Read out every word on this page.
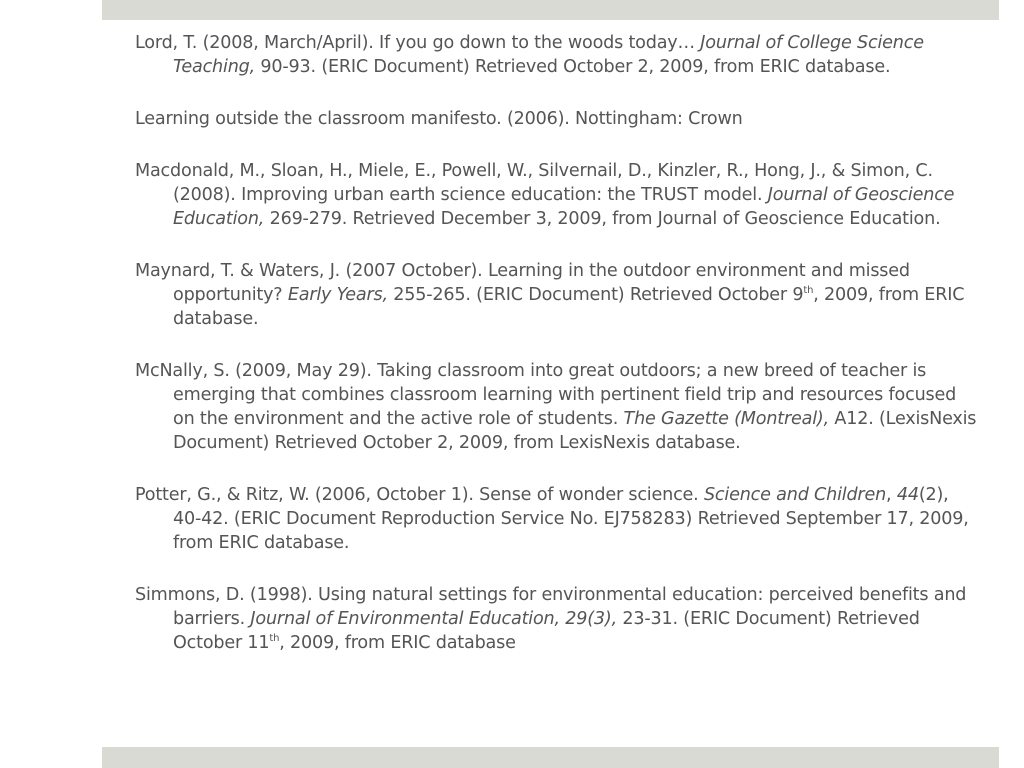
Lord, T. (2008, March/April). If you go down to the woods today… Journal of College Science Teaching, 90-93. (ERIC Document) Retrieved October 2, 2009, from ERIC database.

Learning outside the classroom manifesto. (2006). Nottingham: Crown

Macdonald, M., Sloan, H., Miele, E., Powell, W., Silvernail, D., Kinzler, R., Hong, J., & Simon, C. (2008). Improving urban earth science education: the TRUST model. Journal of Geoscience Education, 269-279. Retrieved December 3, 2009, from Journal of Geoscience Education.

Maynard, T. & Waters, J. (2007 October). Learning in the outdoor environment and missed opportunity? Early Years, 255-265. (ERIC Document) Retrieved October 9th, 2009, from ERIC database.

McNally, S. (2009, May 29). Taking classroom into great outdoors; a new breed of teacher is emerging that combines classroom learning with pertinent field trip and resources focused on the environment and the active role of students. The Gazette (Montreal), A12. (LexisNexis Document) Retrieved October 2, 2009, from LexisNexis database.

Potter, G., & Ritz, W. (2006, October 1). Sense of wonder science. Science and Children, 44(2), 40-42. (ERIC Document Reproduction Service No. EJ758283) Retrieved September 17, 2009, from ERIC database.

Simmons, D. (1998). Using natural settings for environmental education: perceived benefits and barriers. Journal of Environmental Education, 29(3), 23-31. (ERIC Document) Retrieved October 11th, 2009, from ERIC database
